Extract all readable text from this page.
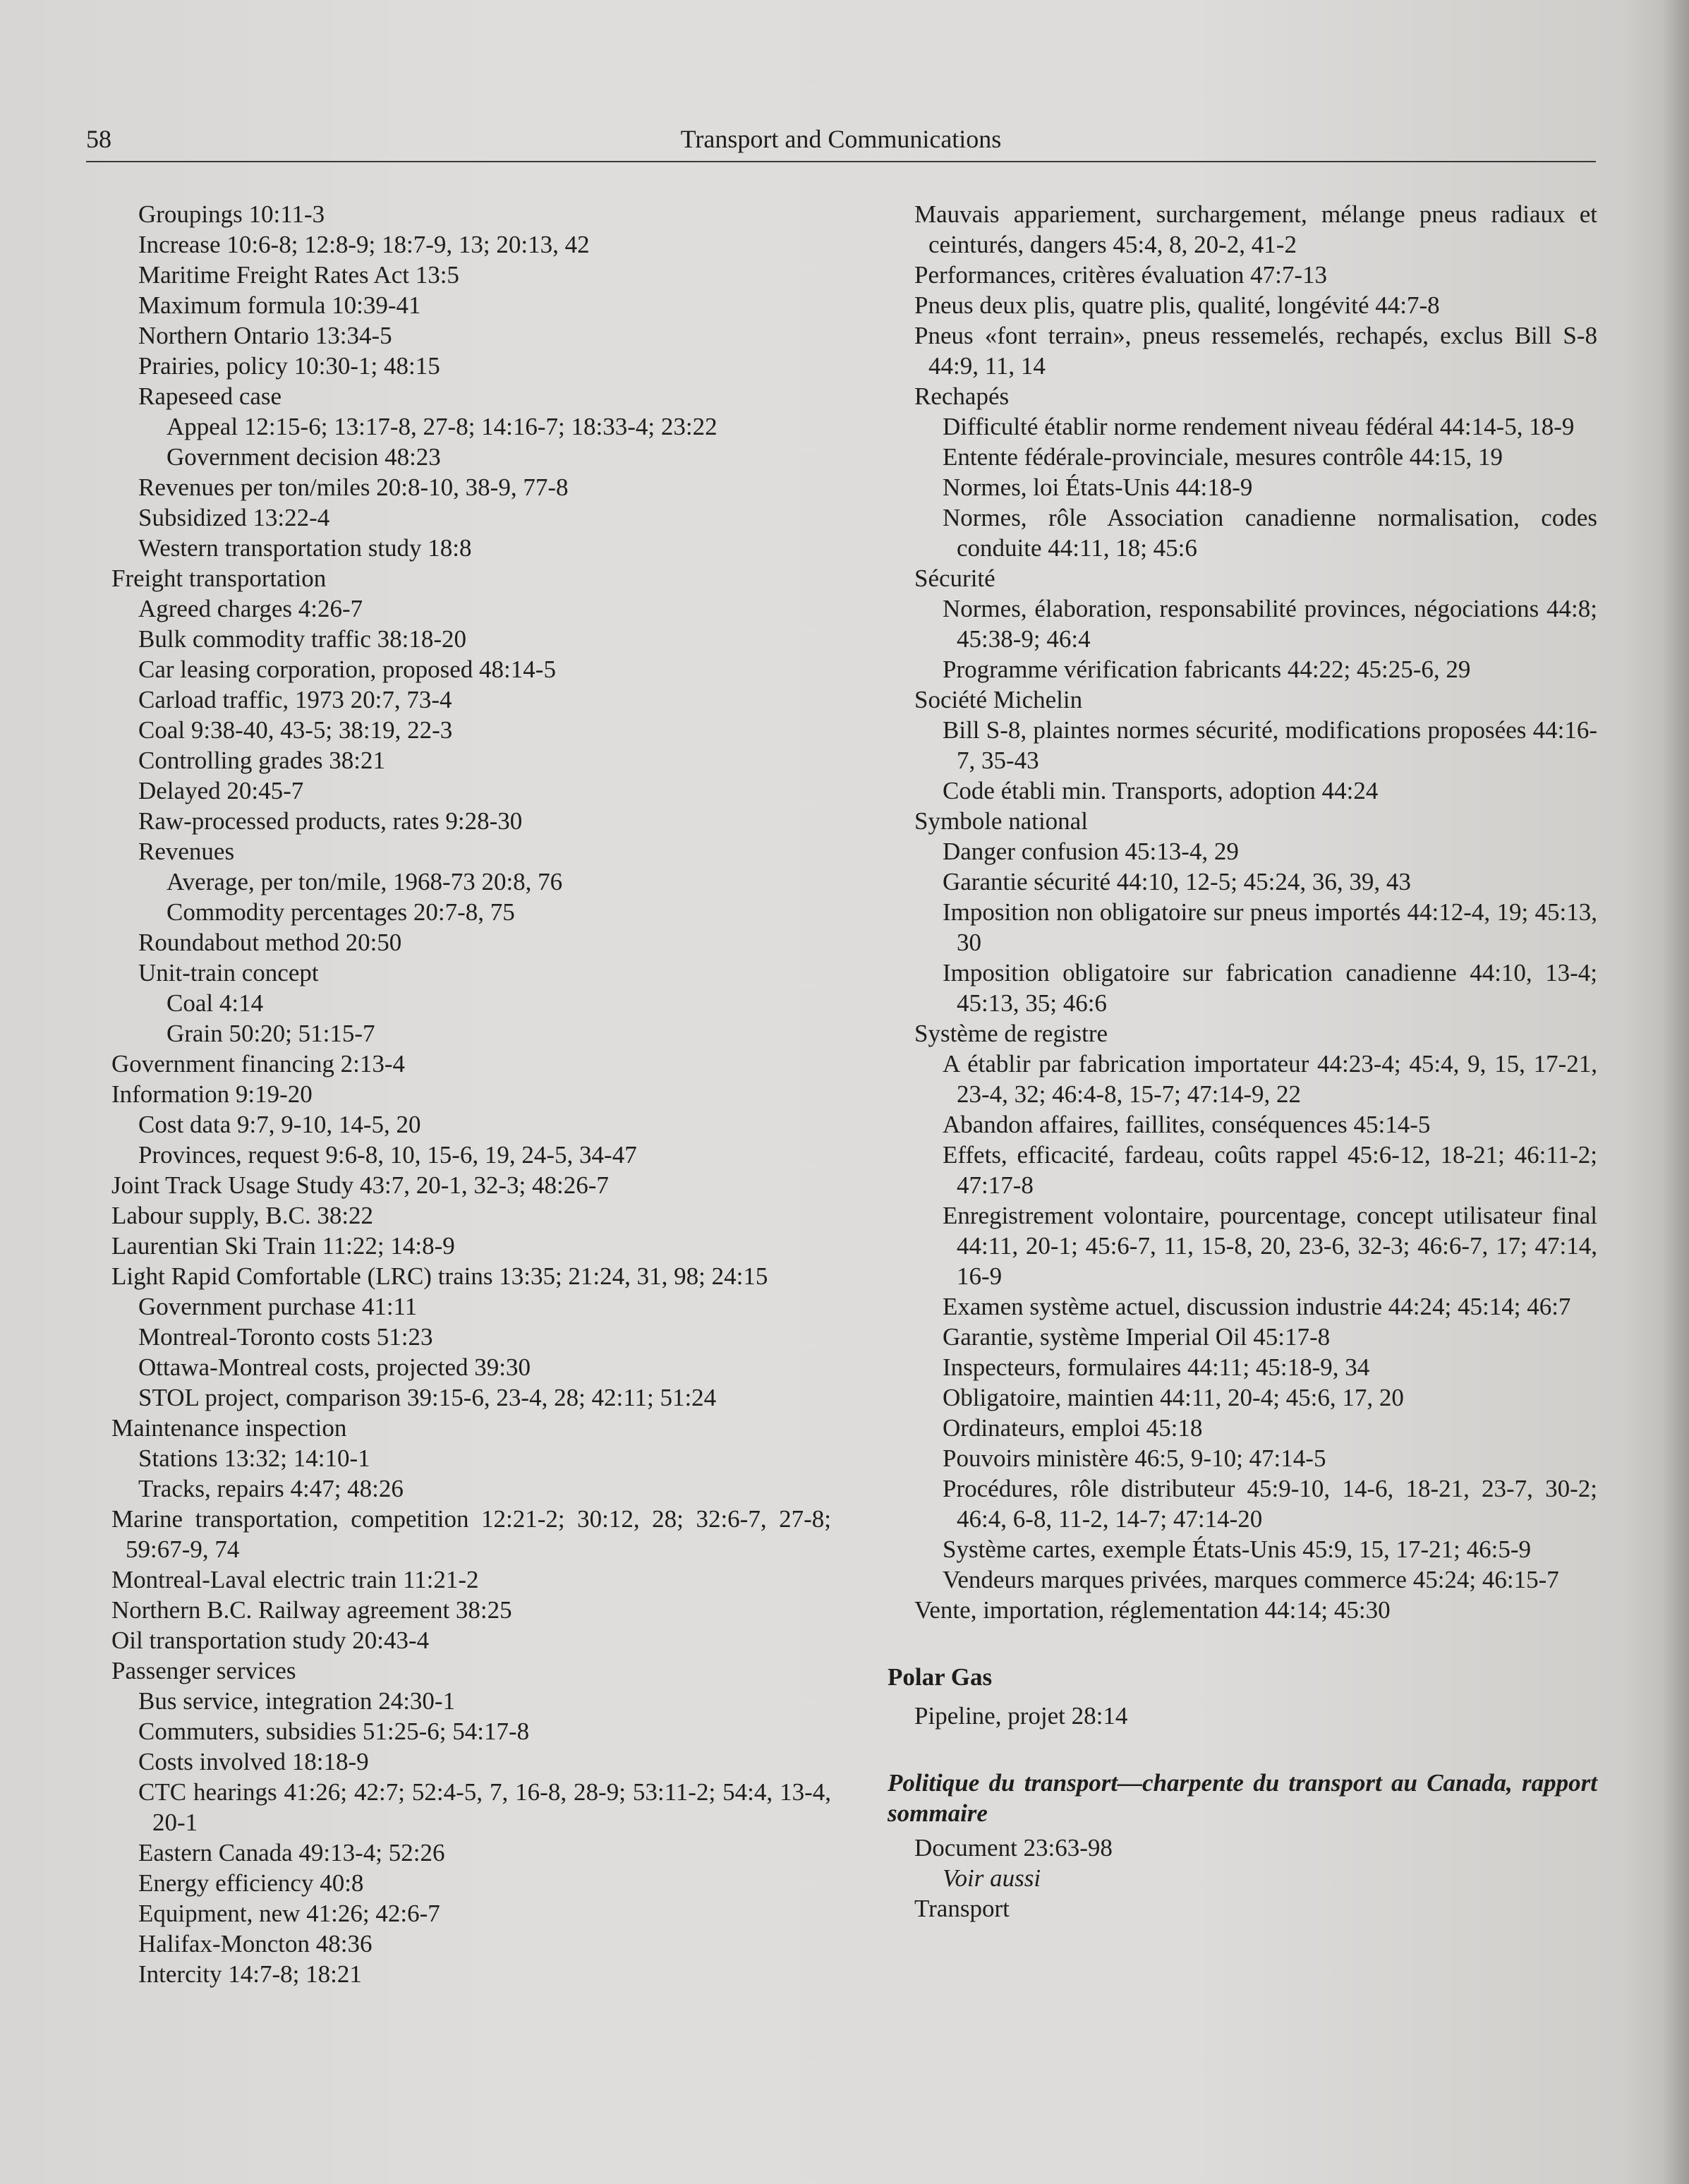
58	Transport and Communications
Groupings 10:11-3
Increase 10:6-8; 12:8-9; 18:7-9, 13; 20:13, 42
Maritime Freight Rates Act 13:5
Maximum formula 10:39-41
Northern Ontario 13:34-5
Prairies, policy 10:30-1; 48:15
Rapeseed case
Appeal 12:15-6; 13:17-8, 27-8; 14:16-7; 18:33-4; 23:22
Government decision 48:23
Revenues per ton/miles 20:8-10, 38-9, 77-8
Subsidized 13:22-4
Western transportation study 18:8
Freight transportation
Agreed charges 4:26-7
Bulk commodity traffic 38:18-20
Car leasing corporation, proposed 48:14-5
Carload traffic, 1973 20:7, 73-4
Coal 9:38-40, 43-5; 38:19, 22-3
Controlling grades 38:21
Delayed 20:45-7
Raw-processed products, rates 9:28-30
Revenues
Average, per ton/mile, 1968-73 20:8, 76
Commodity percentages 20:7-8, 75
Roundabout method 20:50
Unit-train concept
Coal 4:14
Grain 50:20; 51:15-7
Government financing 2:13-4
Information 9:19-20
Cost data 9:7, 9-10, 14-5, 20
Provinces, request 9:6-8, 10, 15-6, 19, 24-5, 34-47
Joint Track Usage Study 43:7, 20-1, 32-3; 48:26-7
Labour supply, B.C. 38:22
Laurentian Ski Train 11:22; 14:8-9
Light Rapid Comfortable (LRC) trains 13:35; 21:24, 31, 98; 24:15
Government purchase 41:11
Montreal-Toronto costs 51:23
Ottawa-Montreal costs, projected 39:30
STOL project, comparison 39:15-6, 23-4, 28; 42:11; 51:24
Maintenance inspection
Stations 13:32; 14:10-1
Tracks, repairs 4:47; 48:26
Marine transportation, competition 12:21-2; 30:12, 28; 32:6-7, 27-8; 59:67-9, 74
Montreal-Laval electric train 11:21-2
Northern B.C. Railway agreement 38:25
Oil transportation study 20:43-4
Passenger services
Bus service, integration 24:30-1
Commuters, subsidies 51:25-6; 54:17-8
Costs involved 18:18-9
CTC hearings 41:26; 42:7; 52:4-5, 7, 16-8, 28-9; 53:11-2; 54:4, 13-4, 20-1
Eastern Canada 49:13-4; 52:26
Energy efficiency 40:8
Equipment, new 41:26; 42:6-7
Halifax-Moncton 48:36
Intercity 14:7-8; 18:21
Mauvais appariement, surchargement, mélange pneus radiaux et ceinturés, dangers 45:4, 8, 20-2, 41-2
Performances, critères évaluation 47:7-13
Pneus deux plis, quatre plis, qualité, longévité 44:7-8
Pneus «font terrain», pneus ressemelés, rechapés, exclus Bill S-8 44:9, 11, 14
Rechapés
Difficulté établir norme rendement niveau fédéral 44:14-5, 18-9
Entente fédérale-provinciale, mesures contrôle 44:15, 19
Normes, loi États-Unis 44:18-9
Normes, rôle Association canadienne normalisation, codes conduite 44:11, 18; 45:6
Sécurité
Normes, élaboration, responsabilité provinces, négociations 44:8; 45:38-9; 46:4
Programme vérification fabricants 44:22; 45:25-6, 29
Société Michelin
Bill S-8, plaintes normes sécurité, modifications proposées 44:16-7, 35-43
Code établi min. Transports, adoption 44:24
Symbole national
Danger confusion 45:13-4, 29
Garantie sécurité 44:10, 12-5; 45:24, 36, 39, 43
Imposition non obligatoire sur pneus importés 44:12-4, 19; 45:13, 30
Imposition obligatoire sur fabrication canadienne 44:10, 13-4; 45:13, 35; 46:6
Système de registre
A établir par fabrication importateur 44:23-4; 45:4, 9, 15, 17-21, 23-4, 32; 46:4-8, 15-7; 47:14-9, 22
Abandon affaires, faillites, conséquences 45:14-5
Effets, efficacité, fardeau, coûts rappel 45:6-12, 18-21; 46:11-2; 47:17-8
Enregistrement volontaire, pourcentage, concept utilisateur final 44:11, 20-1; 45:6-7, 11, 15-8, 20, 23-6, 32-3; 46:6-7, 17; 47:14, 16-9
Examen système actuel, discussion industrie 44:24; 45:14; 46:7
Garantie, système Imperial Oil 45:17-8
Inspecteurs, formulaires 44:11; 45:18-9, 34
Obligatoire, maintien 44:11, 20-4; 45:6, 17, 20
Ordinateurs, emploi 45:18
Pouvoirs ministère 46:5, 9-10; 47:14-5
Procédures, rôle distributeur 45:9-10, 14-6, 18-21, 23-7, 30-2; 46:4, 6-8, 11-2, 14-7; 47:14-20
Système cartes, exemple États-Unis 45:9, 15, 17-21; 46:5-9
Vendeurs marques privées, marques commerce 45:24; 46:15-7
Vente, importation, réglementation 44:14; 45:30
Polar Gas
Pipeline, projet 28:14
Politique du transport—charpente du transport au Canada, rapport sommaire
Document 23:63-98
Voir aussi
Transport
